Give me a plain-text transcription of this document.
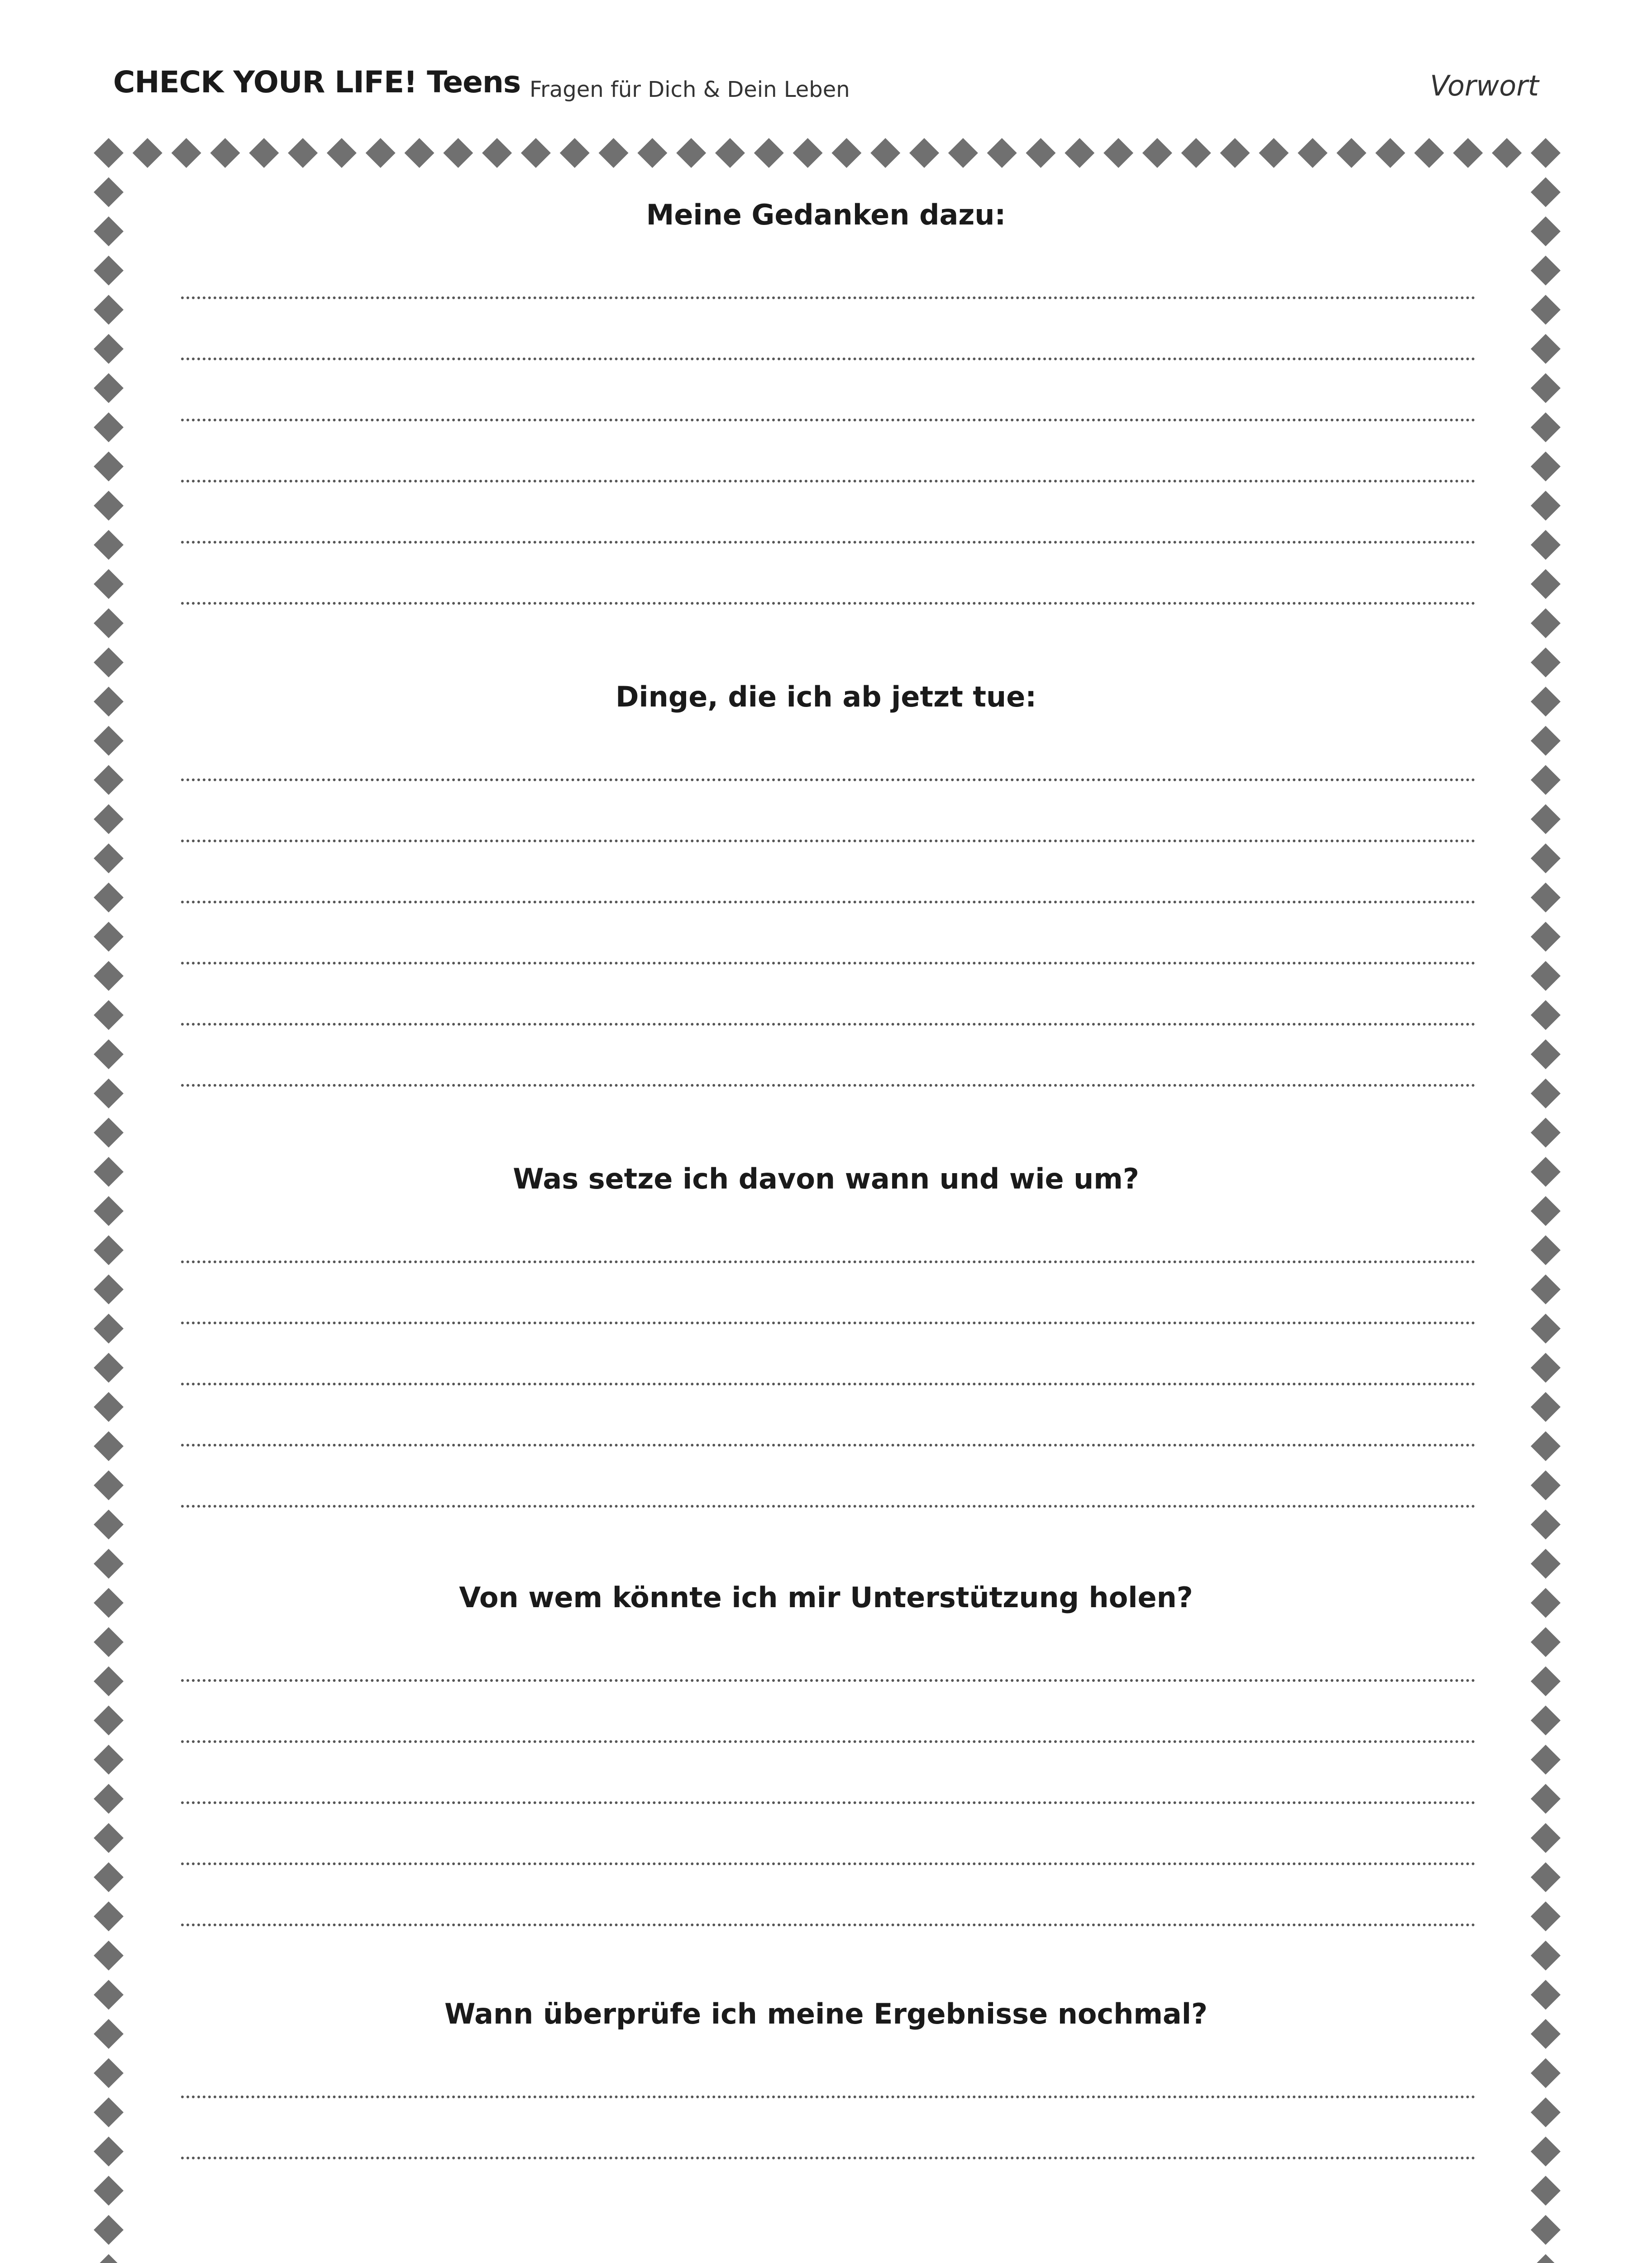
CHECK YOUR LIFE! Teens Fragen für Dich & Dein Leben	Vorwort
Meine Gedanken dazu:
Dinge, die ich ab jetzt tue:
Was setze ich davon wann und wie um?
Von wem könnte ich mir Unterstützung holen?
Wann überprüfe ich meine Ergebnisse nochmal?
